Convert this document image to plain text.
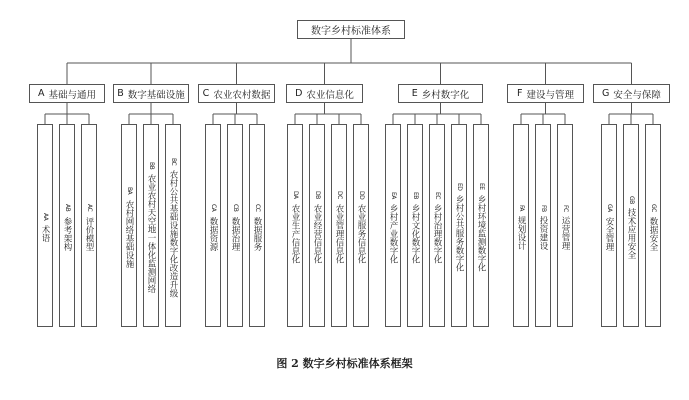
数字乡村标准体系
A 基础与通用 B 数字基础设施 C 农业农村数据	D 农业信息化	E 乡村数字化	F 建设与管理	G 安全与保障
AA
术语
AB
参考架构
AC
评价模型
BA
农村网络基础设施
BB
农业农村天空地一体化监测网络
BC
农村公共基础设施数字化改造升级	CA
数据资源
CB
数据治理
CC
数据服务
DA
农业生产信息化
DB
农业经营信息化
DC
农业管理信息化
DD
农业服务信息化
EA
乡村产业数字化
EB
乡村文化数字化
EC
乡村治理数字化
ED
乡村公共服务数字化
EE
乡村环境监测数字化	FA
规划设计
FB
投资建设
FC
运营管理
GA
安全管理
GB
技术应用安全
GC
数据安全
图 2 数字乡村标准体系框架
